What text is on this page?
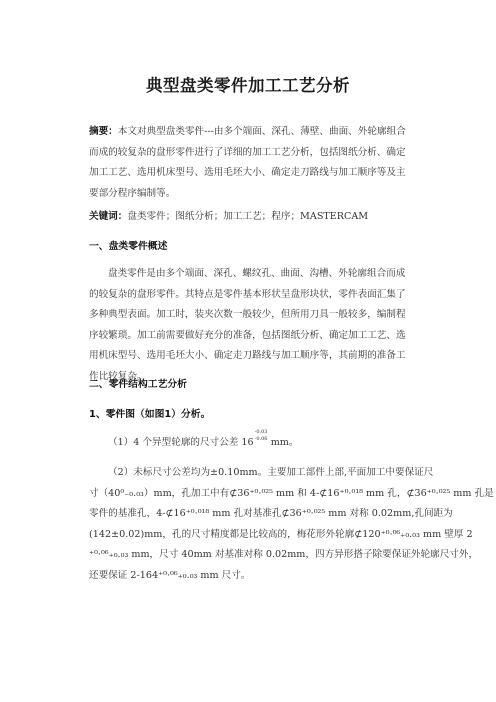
典型盘类零件加工工艺分析
摘要：本文对典型盘类零件---由多个端面、深孔、薄壁、曲面、外轮廓组合而成的较复杂的盘形零件进行了详细的加工工艺分析，包括图纸分析、确定加工工艺、选用机床型号、选用毛坯大小、确定走刀路线与加工顺序等及主要部分程序编制等。
关键词：盘类零件；图纸分析；加工工艺；程序；MASTERCAM
一、盘类零件概述
盘类零件是由多个端面、深孔、螺纹孔、曲面、沟槽、外轮廓组合而成的较复杂的盘形零件。其特点是零件基本形状呈盘形块状，零件表面汇集了多种典型表面。加工时，装夹次数一般较少，但所用刀具一般较多，编制程序较繁琐。加工前需要做好充分的准备，包括图纸分析、确定加工工艺、选用机床型号、选用毛坯大小、确定走刀路线与加工顺序等，其前期的准备工作比较复杂。
二、零件结构工艺分析
1、零件图（如图1）分析。
（1）4 个异型轮廓的尺寸公差 16
-0.03
-0.06 mm。
（2）未标尺寸公差均为±0.10mm。主要加工部件上部,平面加工中要保证尺
寸（40⁰₋₀.₀₃）mm，孔加工中有⊄36⁺⁰·⁰²⁵ mm 和 4-⊄16⁺⁰·⁰¹⁸ mm 孔，⊄36⁺⁰·⁰²⁵ mm 孔是
零件的基准孔，4-⊄16⁺⁰·⁰¹⁸ mm 孔对基准孔⊄36⁺⁰·⁰²⁵ mm 对称 0.02mm,孔间距为
(142±0.02)mm，孔的尺寸精度都是比较高的，梅花形外轮廓⊄120⁺⁰·⁰⁶₊₀.₀₃ mm 壁厚 2
⁺⁰·⁰⁶₊₀.₀₃ mm，尺寸 40mm 对基准对称 0.02mm，四方异形搭子除要保证外轮廓尺寸外，
还要保证 2-164⁺⁰·⁰⁶₊₀.₀₃ mm 尺寸。
